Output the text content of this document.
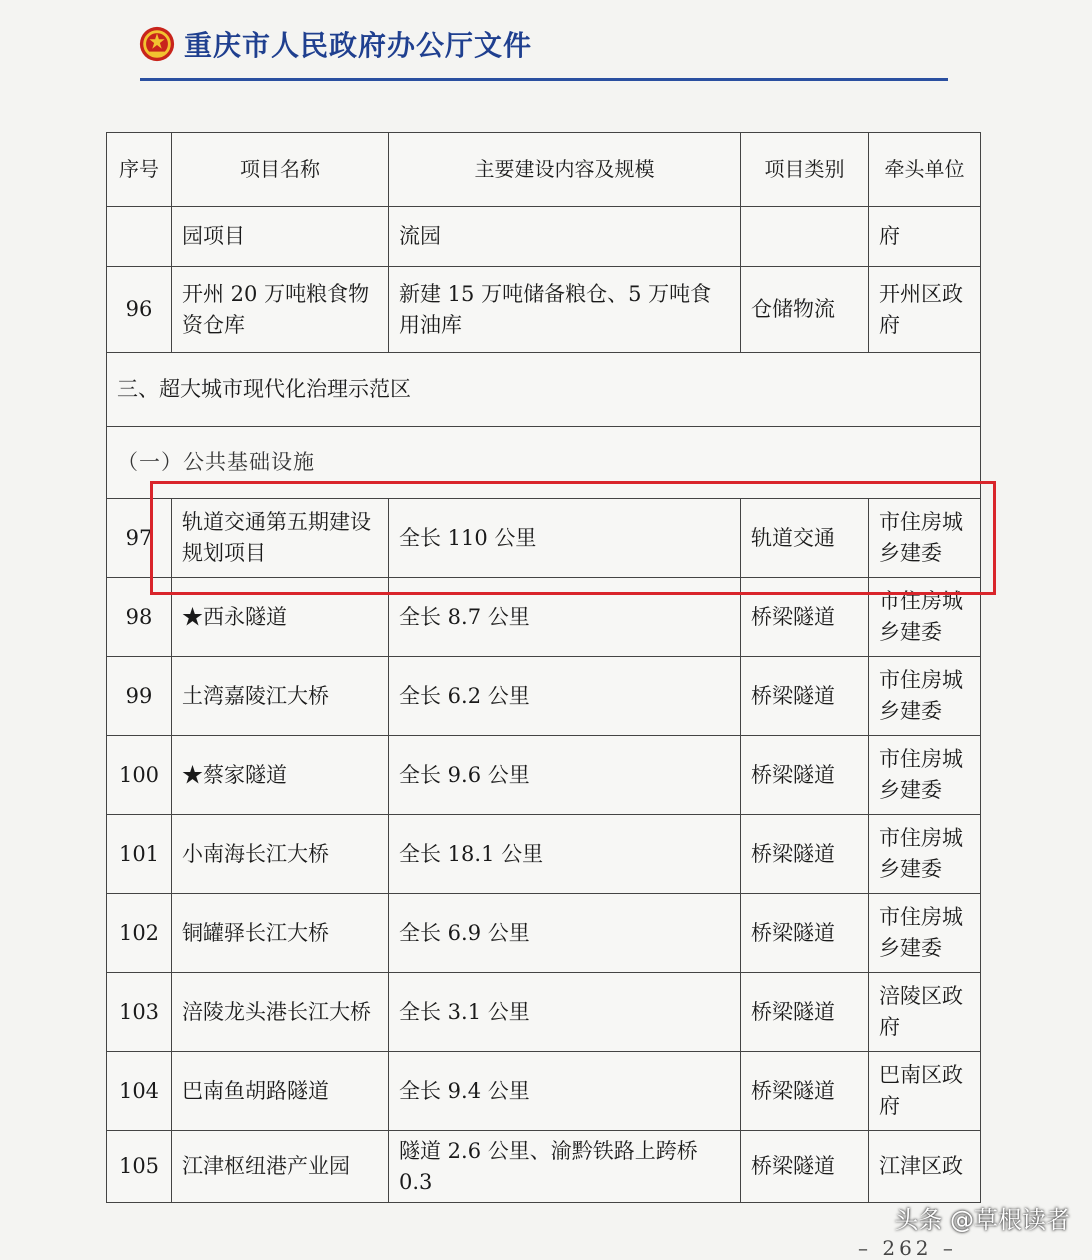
重庆市人民政府办公厅文件
序号	项目名称	主要建设内容及规模	项目类别	牵头单位
	园项目	流园		府
96	开州 20 万吨粮食物资仓库	新建 15 万吨储备粮仓、5 万吨食用油库	仓储物流	开州区政府
三、超大城市现代化治理示范区				
（一）公共基础设施				
97	轨道交通第五期建设规划项目	全长 110 公里	轨道交通	市住房城乡建委
98	★西永隧道	全长 8.7 公里	桥梁隧道	市住房城乡建委
99	土湾嘉陵江大桥	全长 6.2 公里	桥梁隧道	市住房城乡建委
100	★蔡家隧道	全长 9.6 公里	桥梁隧道	市住房城乡建委
101	小南海长江大桥	全长 18.1 公里	桥梁隧道	市住房城乡建委
102	铜罐驿长江大桥	全长 6.9 公里	桥梁隧道	市住房城乡建委
103	涪陵龙头港长江大桥	全长 3.1 公里	桥梁隧道	涪陵区政府
104	巴南鱼胡路隧道	全长 9.4 公里	桥梁隧道	巴南区政府
105	江津枢纽港产业园	隧道 2.6 公里、渝黔铁路上跨桥 0.3	桥梁隧道	江津区政
头条 @草根读者
– 262 –
